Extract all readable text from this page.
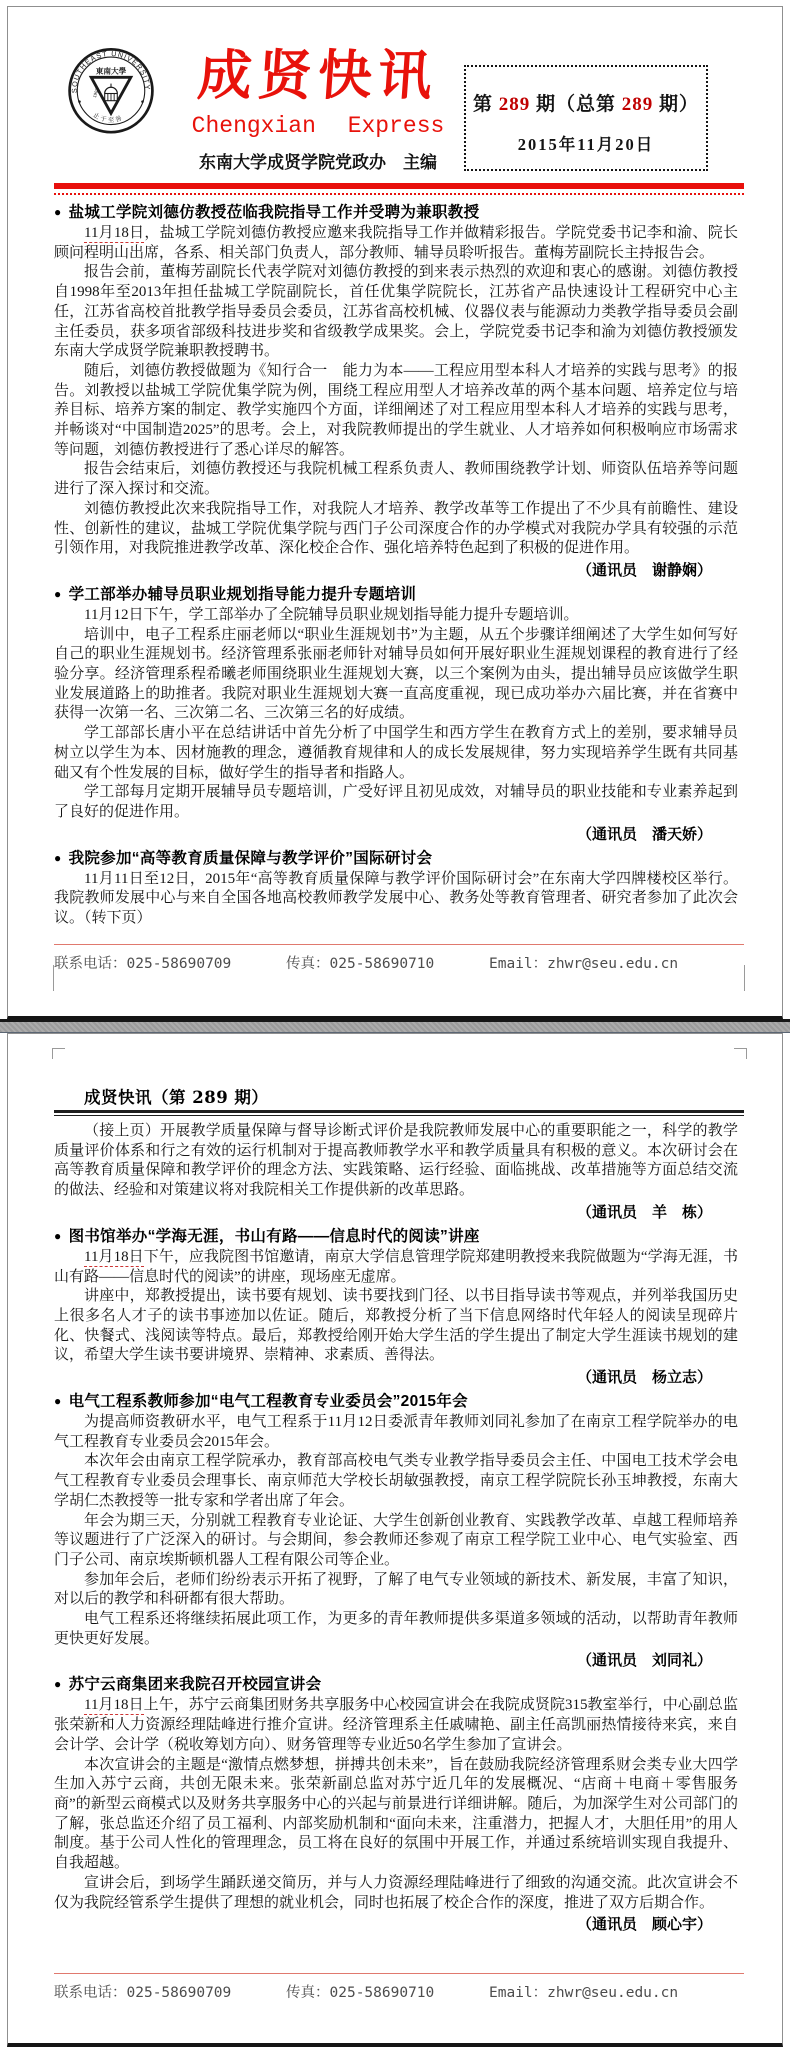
SOUTHEAST UNIVERSITY
止于至善
東南大學
1902 成贤快讯
Chengxian Express
东南大学成贤学院党政办　主编
第 289 期（总第 289 期）
2015年11月20日
● 盐城工学院刘德仿教授莅临我院指导工作并受聘为兼职教授

11月18日，盐城工学院刘德仿教授应邀来我院指导工作并做精彩报告。学院党委书记李和渝、院长顾问程明山出席，各系、相关部门负责人，部分教师、辅导员聆听报告。董梅芳副院长主持报告会。

报告会前，董梅芳副院长代表学院对刘德仿教授的到来表示热烈的欢迎和衷心的感谢。刘德仿教授自1998年至2013年担任盐城工学院副院长，首任优集学院院长，江苏省产品快速设计工程研究中心主任，江苏省高校首批教学指导委员会委员，江苏省高校机械、仪器仪表与能源动力类教学指导委员会副主任委员，获多项省部级科技进步奖和省级教学成果奖。会上，学院党委书记李和渝为刘德仿教授颁发东南大学成贤学院兼职教授聘书。

随后，刘德仿教授做题为《知行合一　能力为本——工程应用型本科人才培养的实践与思考》的报告。刘教授以盐城工学院优集学院为例，围绕工程应用型人才培养改革的两个基本问题、培养定位与培养目标、培养方案的制定、教学实施四个方面，详细阐述了对工程应用型本科人才培养的实践与思考，并畅谈对“中国制造2025”的思考。会上，对我院教师提出的学生就业、人才培养如何积极响应市场需求等问题，刘德仿教授进行了悉心详尽的解答。

报告会结束后，刘德仿教授还与我院机械工程系负责人、教师围绕教学计划、师资队伍培养等问题进行了深入探讨和交流。

刘德仿教授此次来我院指导工作，对我院人才培养、教学改革等工作提出了不少具有前瞻性、建设性、创新性的建议，盐城工学院优集学院与西门子公司深度合作的办学模式对我院办学具有较强的示范引领作用，对我院推进教学改革、深化校企合作、强化培养特色起到了积极的促进作用。

（通讯员　谢静娴）
● 学工部举办辅导员职业规划指导能力提升专题培训

11月12日下午，学工部举办了全院辅导员职业规划指导能力提升专题培训。

培训中，电子工程系庄丽老师以“职业生涯规划书”为主题，从五个步骤详细阐述了大学生如何写好自己的职业生涯规划书。经济管理系张丽老师针对辅导员如何开展好职业生涯规划课程的教育进行了经验分享。经济管理系程希曦老师围绕职业生涯规划大赛，以三个案例为由头，提出辅导员应该做学生职业发展道路上的助推者。我院对职业生涯规划大赛一直高度重视，现已成功举办六届比赛，并在省赛中获得一次第一名、三次第二名、三次第三名的好成绩。

学工部部长唐小平在总结讲话中首先分析了中国学生和西方学生在教育方式上的差别，要求辅导员树立以学生为本、因材施教的理念，遵循教育规律和人的成长发展规律，努力实现培养学生既有共同基础又有个性发展的目标，做好学生的指导者和指路人。

学工部每月定期开展辅导员专题培训，广受好评且初见成效，对辅导员的职业技能和专业素养起到了良好的促进作用。

（通讯员　潘天娇）
● 我院参加“高等教育质量保障与教学评价”国际研讨会

11月11日至12日，2015年“高等教育质量保障与教学评价国际研讨会”在东南大学四牌楼校区举行。我院教师发展中心与来自全国各地高校教师教学发展中心、教务处等教育管理者、研究者参加了此次会议。（转下页）

联系电话：025-58690709	传真：025-58690710	Email：zhwr@seu.edu.cn
成贤快讯（第 289 期）

（接上页）开展教学质量保障与督导诊断式评价是我院教师发展中心的重要职能之一，科学的教学质量评价体系和行之有效的运行机制对于提高教师教学水平和教学质量具有积极的意义。本次研讨会在高等教育质量保障和教学评价的理念方法、实践策略、运行经验、面临挑战、改革措施等方面总结交流的做法、经验和对策建议将对我院相关工作提供新的改革思路。

（通讯员　羊　栋）
● 图书馆举办“学海无涯，书山有路——信息时代的阅读”讲座

11月18日下午，应我院图书馆邀请，南京大学信息管理学院郑建明教授来我院做题为“学海无涯，书山有路——信息时代的阅读”的讲座，现场座无虚席。

讲座中，郑教授提出，读书要有规划、读书要找到门径、以书目指导读书等观点，并列举我国历史上很多名人才子的读书事迹加以佐证。随后，郑教授分析了当下信息网络时代年轻人的阅读呈现碎片化、快餐式、浅阅读等特点。最后，郑教授给刚开始大学生活的学生提出了制定大学生涯读书规划的建议，希望大学生读书要讲境界、崇精神、求素质、善得法。

（通讯员　杨立志）
● 电气工程系教师参加“电气工程教育专业委员会”2015年会

为提高师资教研水平，电气工程系于11月12日委派青年教师刘同礼参加了在南京工程学院举办的电气工程教育专业委员会2015年会。

本次年会由南京工程学院承办，教育部高校电气类专业教学指导委员会主任、中国电工技术学会电气工程教育专业委员会理事长、南京师范大学校长胡敏强教授，南京工程学院院长孙玉坤教授，东南大学胡仁杰教授等一批专家和学者出席了年会。

年会为期三天，分别就工程教育专业论证、大学生创新创业教育、实践教学改革、卓越工程师培养等议题进行了广泛深入的研讨。与会期间，参会教师还参观了南京工程学院工业中心、电气实验室、西门子公司、南京埃斯顿机器人工程有限公司等企业。

参加年会后，老师们纷纷表示开拓了视野，了解了电气专业领域的新技术、新发展，丰富了知识，对以后的教学和科研都有很大帮助。

电气工程系还将继续拓展此项工作，为更多的青年教师提供多渠道多领域的活动，以帮助青年教师更快更好发展。

（通讯员　刘同礼）
● 苏宁云商集团来我院召开校园宣讲会

11月18日上午，苏宁云商集团财务共享服务中心校园宣讲会在我院成贤院315教室举行，中心副总监张荣新和人力资源经理陆峰进行推介宣讲。经济管理系主任戚啸艳、副主任高凯丽热情接待来宾，来自会计学、会计学（税收筹划方向）、财务管理等专业近50名学生参加了宣讲会。

本次宣讲会的主题是“激情点燃梦想，拼搏共创未来”，旨在鼓励我院经济管理系财会类专业大四学生加入苏宁云商，共创无限未来。张荣新副总监对苏宁近几年的发展概况、“店商＋电商＋零售服务商”的新型云商模式以及财务共享服务中心的兴起与前景进行详细讲解。随后，为加深学生对公司部门的了解，张总监还介绍了员工福利、内部奖励机制和“面向未来，注重潜力，把握人才，大胆任用”的用人制度。基于公司人性化的管理理念，员工将在良好的氛围中开展工作，并通过系统培训实现自我提升、自我超越。

宣讲会后，到场学生踊跃递交简历，并与人力资源经理陆峰进行了细致的沟通交流。此次宣讲会不仅为我院经管系学生提供了理想的就业机会，同时也拓展了校企合作的深度，推进了双方后期合作。

（通讯员　顾心宇）
联系电话：025-58690709	传真：025-58690710	Email：zhwr@seu.edu.cn
